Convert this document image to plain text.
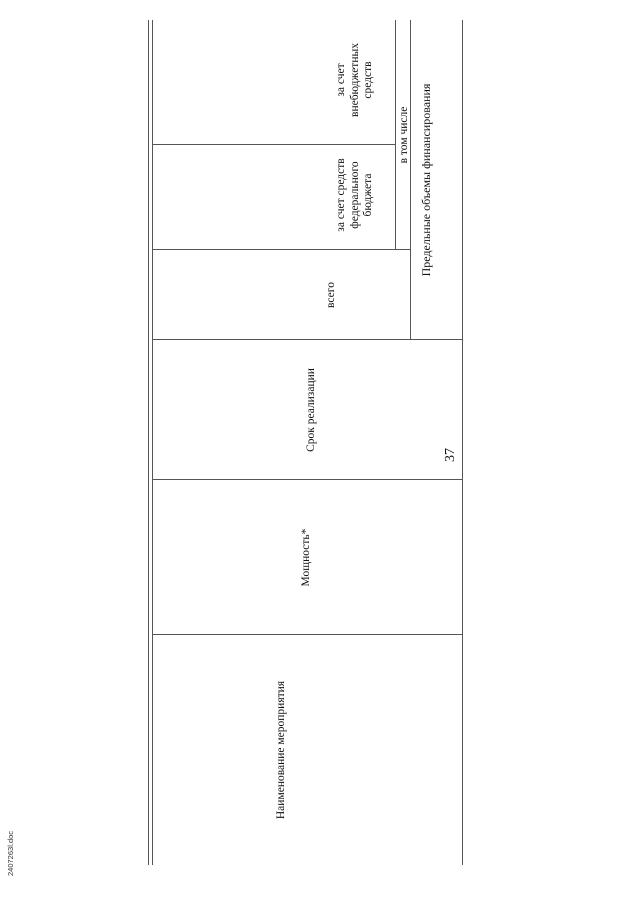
37
Наименование мероприятия
Мощность*
Срок реализации
Предельные объемы финансирования
всего
в том числе
за счет средств федерального бюджета
за счет внебюджетных средств
2407263l.doc
